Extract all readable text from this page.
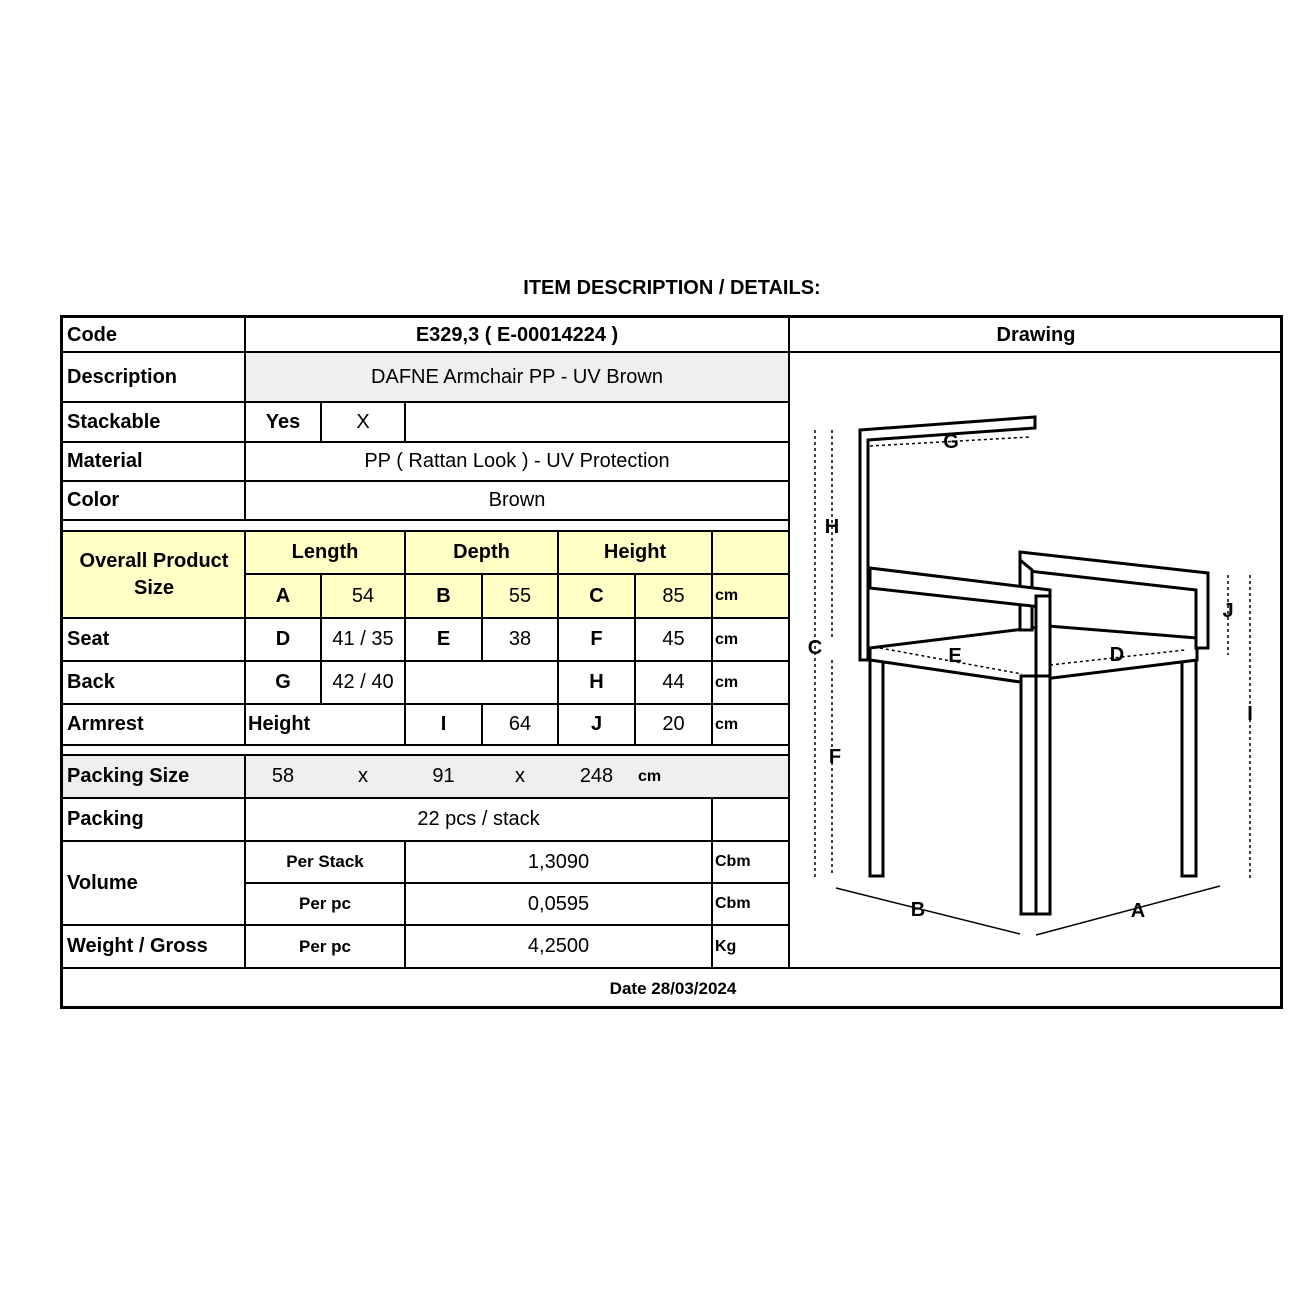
ITEM DESCRIPTION / DETAILS:
Code	E329,3 ( E-00014224 )	Drawing
Description	DAFNE Armchair PP - UV Brown
Stackable	Yes	X
Material	PP ( Rattan Look ) - UV Protection
Color	Brown
Overall Product Size
Length	Depth	Height
A	54	B	55	C	85	cm
Seat	D	41 / 35	E	38	F	45	cm
Back	G	42 / 40	H	44	cm
Armrest	Height	I	64	J	20	cm
Packing Size	58	x	91	x	248	cm
Packing	22 pcs / stack
Volume
Per Stack	1,3090	Cbm
Per pc	0,0595	Cbm
Weight / Gross	Per pc	4,2500	Kg
Date 28/03/2024
G
H
C
F
E	D
J
I
B	A
